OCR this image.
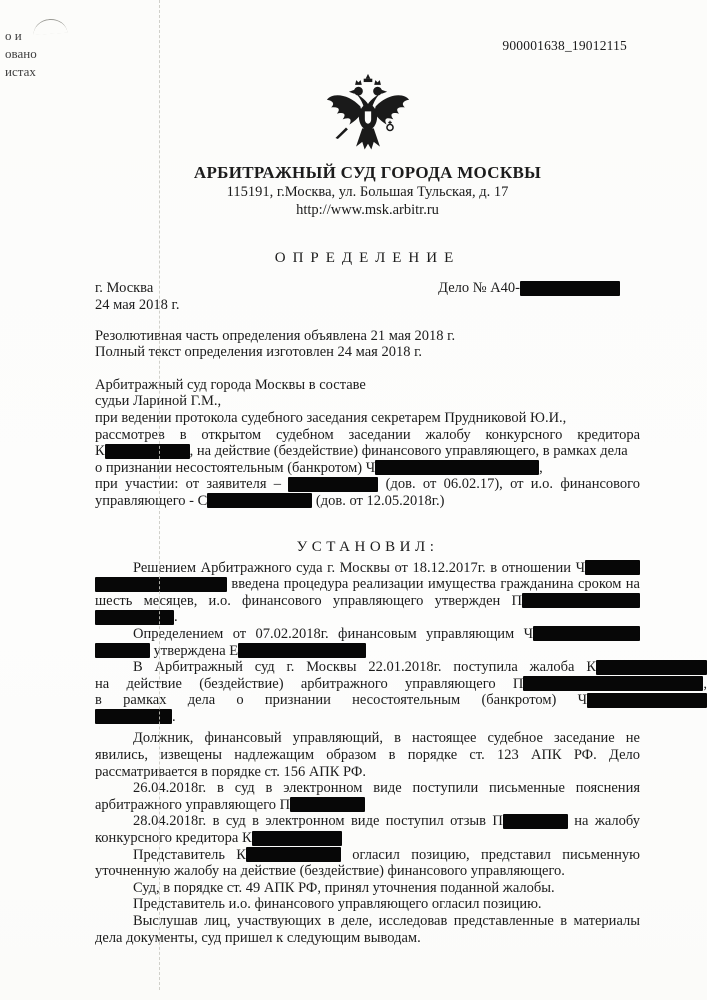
о и
овано
истах
900001638_19012115
АРБИТРАЖНЫЙ СУД ГОРОДА МОСКВЫ
115191, г.Москва, ул. Большая Тульская, д. 17
http://www.msk.arbitr.ru
ОПРЕДЕЛЕНИЕ
г. Москва	Дело № А40-
24 мая 2018 г.
Резолютивная часть определения объявлена 21 мая 2018 г.
Полный текст определения изготовлен 24 мая 2018 г.
Арбитражный суд города Москвы в составе
судьи Лариной Г.М.,
при ведении протокола судебного заседания секретарем Прудниковой Ю.И.,
рассмотрев в открытом судебном заседании жалобу конкурсного кредитора
К	, на действие (бездействие) финансового управляющего, в рамках дела
о признании несостоятельным (банкротом) Ч	,
при участии: от заявителя –	(дов. от 06.02.17), от и.о. финансового
управляющего - С	(дов. от 12.05.2018г.)
УСТАНОВИЛ:
Решением Арбитражного суда г. Москвы от 18.12.2017г. в отношении Ч
введена процедура реализации имущества гражданина сроком на
шесть месяцев, и.о. финансового управляющего утвержден П
.
Определением от 07.02.2018г. финансовым управляющим Ч
утверждена Е
В Арбитражный суд г. Москвы 22.01.2018г. поступила жалоба К
на действие (бездействие) арбитражного управляющего П	,
в рамках дела о признании несостоятельным (банкротом) Ч
.
Должник, финансовый управляющий, в настоящее судебное заседание не
явились, извещены надлежащим образом в порядке ст. 123 АПК РФ. Дело
рассматривается в порядке ст. 156 АПК РФ.
26.04.2018г. в суд в электронном виде поступили письменные пояснения
арбитражного управляющего П
28.04.2018г. в суд в электронном виде поступил отзыв П	на жалобу
конкурсного кредитора К
Представитель К	огласил позицию, представил письменную
уточненную жалобу на действие (бездействие) финансового управляющего.
Суд, в порядке ст. 49 АПК РФ, принял уточнения поданной жалобы.
Представитель и.о. финансового управляющего огласил позицию.
Выслушав лиц, участвующих в деле, исследовав представленные в материалы
дела документы, суд пришел к следующим выводам.
